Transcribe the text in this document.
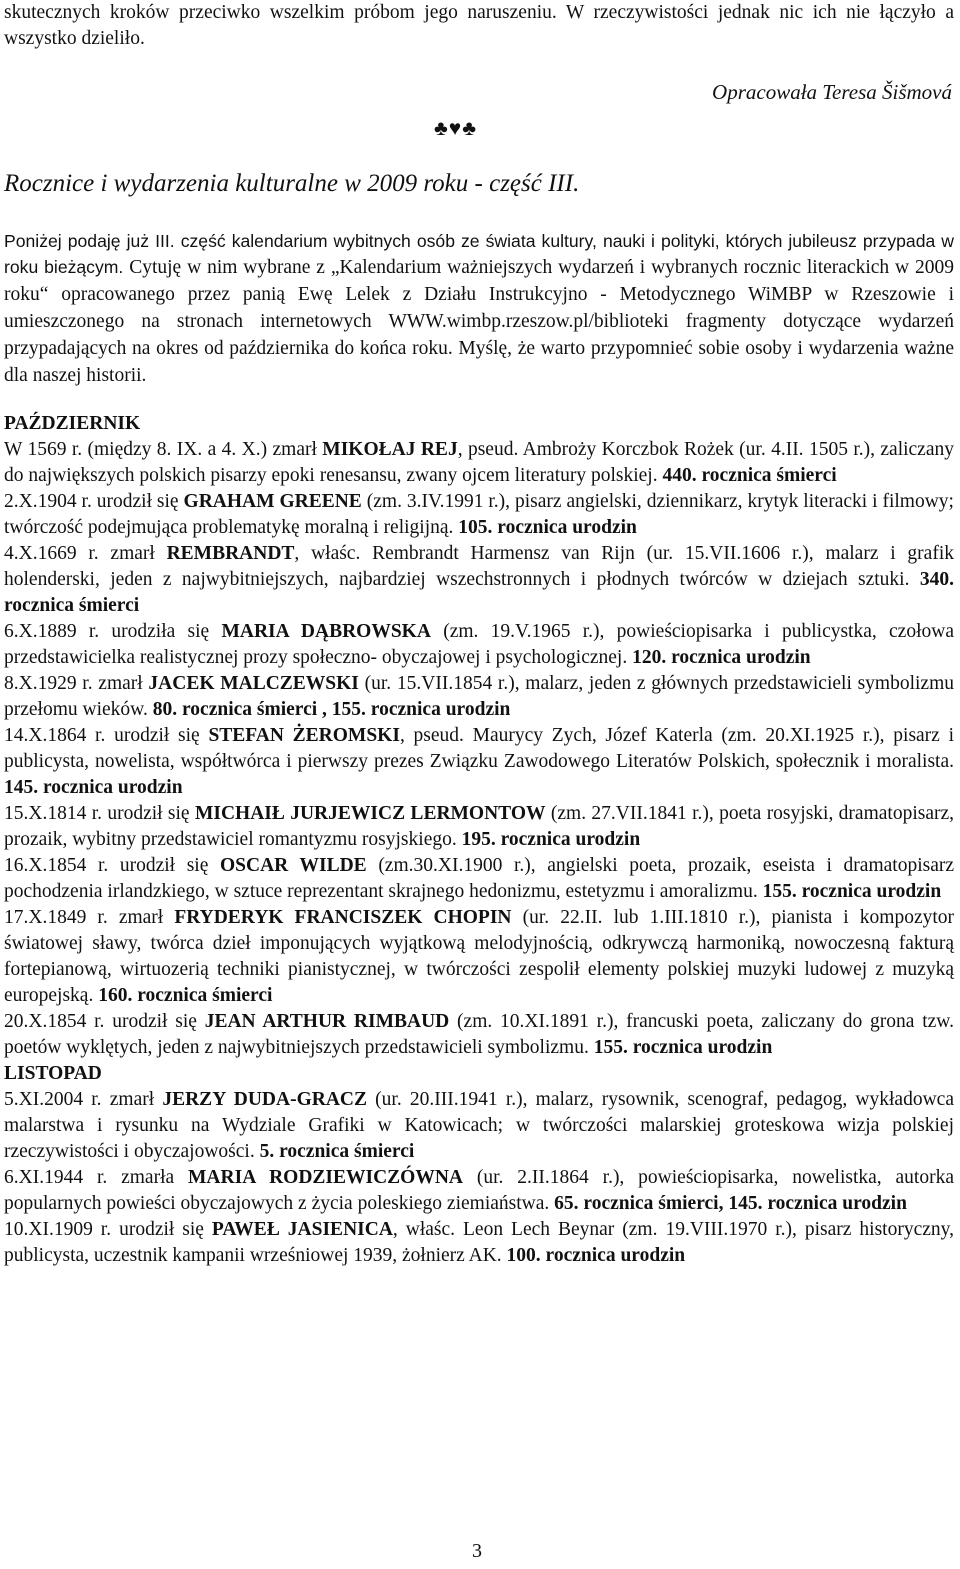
skutecznych kroków przeciwko wszelkim próbom jego naruszeniu. W rzeczywistości jednak nic ich nie łączyło a wszystko dzieliło.

Opracowała Teresa Šišmová
♣♥♣
Rocznice i wydarzenia kulturalne w 2009 roku - część III.

Poniżej podaję już III. część kalendarium wybitnych osób ze świata kultury, nauki i polityki, których jubileusz przypada w roku bieżącym. Cytuję w nim wybrane z „Kalendarium ważniejszych wydarzeń i wybranych rocznic literackich w 2009 roku“ opracowanego przez panią Ewę Lelek z Działu Instrukcyjno - Metodycznego WiMBP w Rzeszowie i umieszczonego na stronach internetowych WWW.wimbp.rzeszow.pl/biblioteki fragmenty dotyczące wydarzeń przypadających na okres od października do końca roku. Myślę, że warto przypomnieć sobie osoby i wydarzenia ważne dla naszej historii.

PAŹDZIERNIK

W 1569 r. (między 8. IX. a 4. X.) zmarł MIKOŁAJ REJ, pseud. Ambroży Korczbok Rożek (ur. 4.II. 1505 r.), zaliczany do największych polskich pisarzy epoki renesansu, zwany ojcem literatury polskiej. 440. rocznica śmierci

2.X.1904 r. urodził się GRAHAM GREENE (zm. 3.IV.1991 r.), pisarz angielski, dziennikarz, krytyk literacki i filmowy; twórczość podejmująca problematykę moralną i religijną. 105. rocznica urodzin

4.X.1669 r. zmarł REMBRANDT, właśc. Rembrandt Harmensz van Rijn (ur. 15.VII.1606 r.), malarz i grafik holenderski, jeden z najwybitniejszych, najbardziej wszechstronnych i płodnych twórców w dziejach sztuki. 340. rocznica śmierci

6.X.1889 r. urodziła się MARIA DĄBROWSKA (zm. 19.V.1965 r.), powieściopisarka i publicystka, czołowa przedstawicielka realistycznej prozy społeczno- obyczajowej i psychologicznej. 120. rocznica urodzin

8.X.1929 r. zmarł JACEK MALCZEWSKI (ur. 15.VII.1854 r.), malarz, jeden z głównych przedstawicieli symbolizmu przełomu wieków. 80. rocznica śmierci , 155. rocznica urodzin

14.X.1864 r. urodził się STEFAN ŻEROMSKI, pseud. Maurycy Zych, Józef Katerla (zm. 20.XI.1925 r.), pisarz i publicysta, nowelista, współtwórca i pierwszy prezes Związku Zawodowego Literatów Polskich, społecznik i moralista. 145. rocznica urodzin

15.X.1814 r. urodził się MICHAIŁ JURJEWICZ LERMONTOW (zm. 27.VII.1841 r.), poeta rosyjski, dramatopisarz, prozaik, wybitny przedstawiciel romantyzmu rosyjskiego. 195. rocznica urodzin

16.X.1854 r. urodził się OSCAR WILDE (zm.30.XI.1900 r.), angielski poeta, prozaik, eseista i dramatopisarz pochodzenia irlandzkiego, w sztuce reprezentant skrajnego hedonizmu, estetyzmu i amoralizmu. 155. rocznica urodzin

17.X.1849 r. zmarł FRYDERYK FRANCISZEK CHOPIN (ur. 22.II. lub 1.III.1810 r.), pianista i kompozytor światowej sławy, twórca dzieł imponujących wyjątkową melodyjnością, odkrywczą harmoniką, nowoczesną fakturą fortepianową, wirtuozerią techniki pianistycznej, w twórczości zespolił elementy polskiej muzyki ludowej z muzyką europejską. 160. rocznica śmierci

20.X.1854 r. urodził się JEAN ARTHUR RIMBAUD (zm. 10.XI.1891 r.), francuski poeta, zaliczany do grona tzw. poetów wyklętych, jeden z najwybitniejszych przedstawicieli symbolizmu. 155. rocznica urodzin

LISTOPAD

5.XI.2004 r. zmarł JERZY DUDA-GRACZ (ur. 20.III.1941 r.), malarz, rysownik, scenograf, pedagog, wykładowca malarstwa i rysunku na Wydziale Grafiki w Katowicach; w twórczości malarskiej groteskowa wizja polskiej rzeczywistości i obyczajowości. 5. rocznica śmierci

6.XI.1944 r. zmarła MARIA RODZIEWICZÓWNA (ur. 2.II.1864 r.), powieściopisarka, nowelistka, autorka popularnych powieści obyczajowych z życia poleskiego ziemiaństwa. 65. rocznica śmierci, 145. rocznica urodzin

10.XI.1909 r. urodził się PAWEŁ JASIENICA, właśc. Leon Lech Beynar (zm. 19.VIII.1970 r.), pisarz historyczny, publicysta, uczestnik kampanii wrześniowej 1939, żołnierz AK. 100. rocznica urodzin

3
